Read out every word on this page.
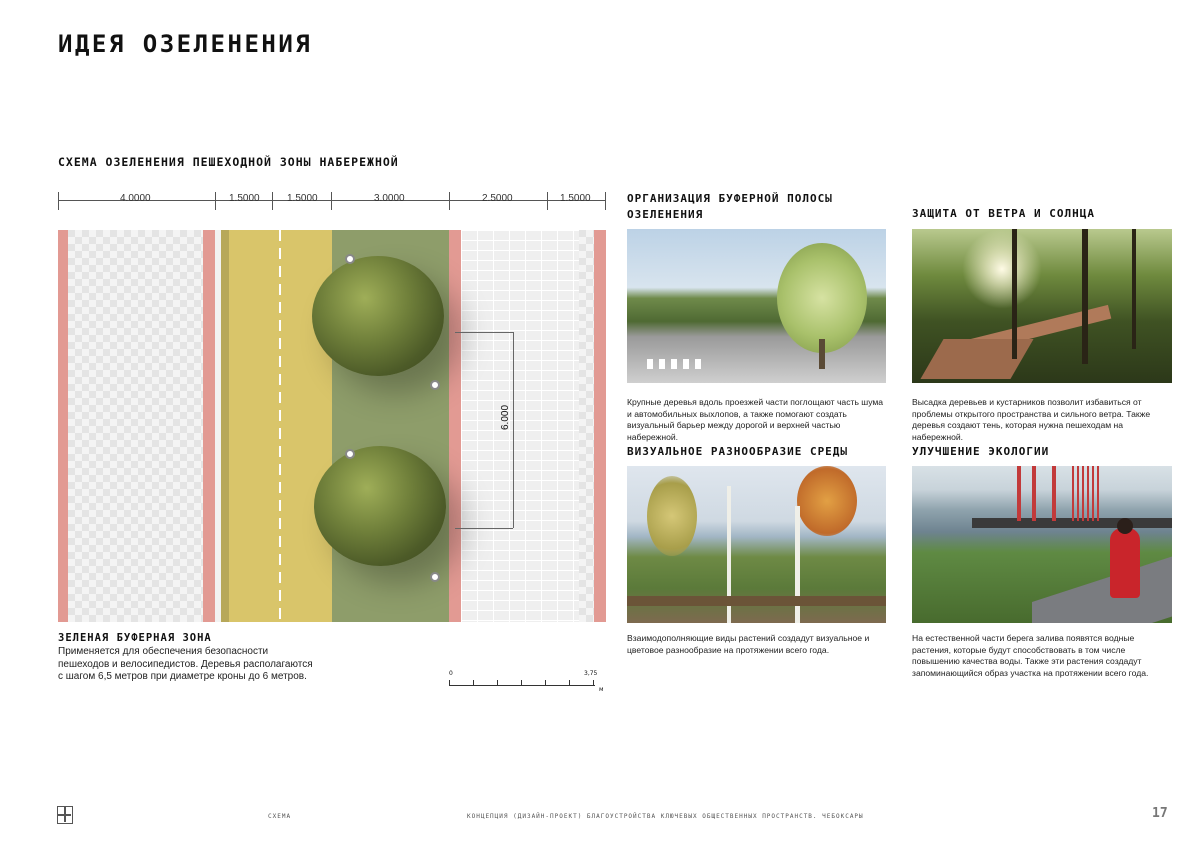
ИДЕЯ ОЗЕЛЕНЕНИЯ
СХЕМА ОЗЕЛЕНЕНИЯ ПЕШЕХОДНОЙ ЗОНЫ НАБЕРЕЖНОЙ
4.0000	1.5000	1.5000	3.0000	2.5000	1.5000
6.000
ЗЕЛЕНАЯ БУФЕРНАЯ ЗОНА
Применяется для обеспечения безопасности пешеходов и велосипедистов. Деревья располагаются с шагом 6,5 метров при диаметре кроны до 6 метров.	0	3,75
м
ОРГАНИЗАЦИЯ БУФЕРНОЙ ПОЛОСЫ ОЗЕЛЕНЕНИЯ
Крупные деревья вдоль проезжей части поглощают часть шума и автомобильных выхлопов, а также помогают создать визуальный барьер между дорогой и верхней частью набережной.
ЗАЩИТА ОТ ВЕТРА И СОЛНЦА
Высадка деревьев и кустарников позволит избавиться от проблемы открытого пространства и сильного ветра. Также деревья создают тень, которая нужна пешеходам на набережной.
ВИЗУАЛЬНОЕ РАЗНООБРАЗИЕ СРЕДЫ
Взаимодополняющие виды растений создадут визуальное и цветовое разнообразие на протяжении всего года.
УЛУЧШЕНИЕ ЭКОЛОГИИ
На естественной части берега залива появятся водные растения, которые будут способствовать в том числе повышению качества воды. Также эти растения создадут запоминающийся образ участка на протяжении всего года.
СХЕМА	КОНЦЕПЦИЯ (ДИЗАЙН-ПРОЕКТ) БЛАГОУСТРОЙСТВА КЛЮЧЕВЫХ ОБЩЕСТВЕННЫХ ПРОСТРАНСТВ. ЧЕБОКСАРЫ	17
